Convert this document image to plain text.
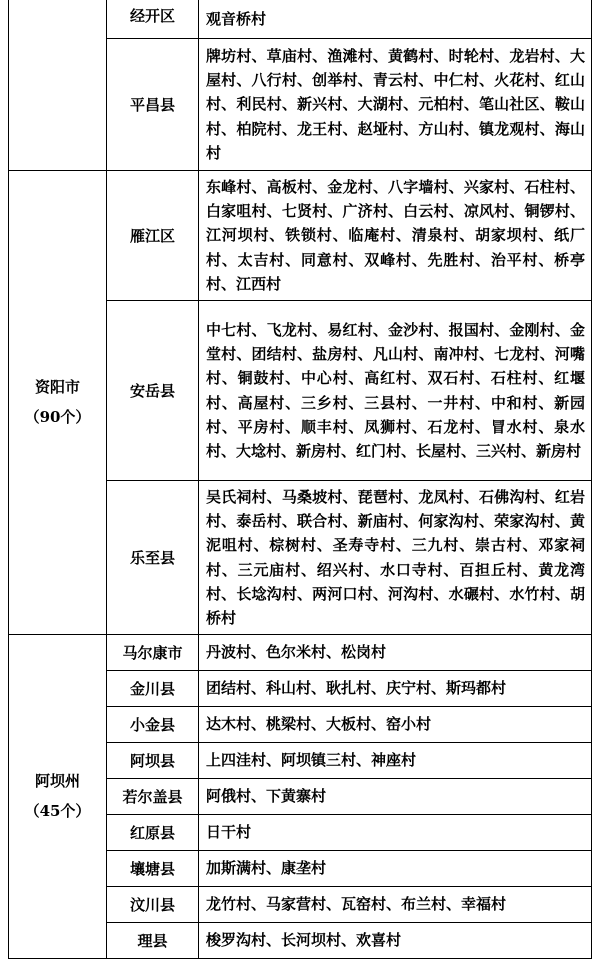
	经开区	观音桥村
	平昌县	牌坊村、草庙村、渔滩村、黄鹤村、时轮村、龙岩村、大屋村、八行村、创举村、青云村、中仁村、火花村、红山村、利民村、新兴村、大湖村、元柏村、笔山社区、鞍山村、柏院村、龙王村、赵垭村、方山村、镇龙观村、海山村
资阳市
（90个）	雁江区	东峰村、高板村、金龙村、八字墙村、兴家村、石柱村、白家咀村、七贤村、广济村、白云村、凉风村、铜锣村、江河坝村、铁锁村、临庵村、清泉村、胡家坝村、纸厂村、太吉村、同意村、双峰村、先胜村、治平村、桥亭村、江西村
	安岳县	中七村、飞龙村、易红村、金沙村、报国村、金刚村、金堂村、团结村、盐房村、凡山村、南冲村、七龙村、河嘴村、铜鼓村、中心村、高红村、双石村、石柱村、红堰村、高屋村、三乡村、三县村、一井村、中和村、新园村、平房村、顺丰村、凤狮村、石龙村、冒水村、泉水村、大埝村、新房村、红门村、长屋村、三兴村、新房村
	乐至县	吴氏祠村、马桑坡村、琵琶村、龙凤村、石佛沟村、红岩村、泰岳村、联合村、新庙村、何家沟村、荣家沟村、黄泥咀村、棕树村、圣寿寺村、三九村、崇古村、邓家祠村、三元庙村、绍兴村、水口寺村、百担丘村、黄龙湾村、长埝沟村、两河口村、河沟村、水碾村、水竹村、胡桥村
阿坝州
（45个）	马尔康市	丹波村、色尔米村、松岗村
	金川县	团结村、科山村、耿扎村、庆宁村、斯玛都村
	小金县	达木村、桃梁村、大板村、窑小村
	阿坝县	上四洼村、阿坝镇三村、神座村
	若尔盖县	阿俄村、下黄寨村
	红原县	日干村
	壤塘县	加斯满村、康垄村
	汶川县	龙竹村、马家营村、瓦窑村、布兰村、幸福村
	理县	梭罗沟村、长河坝村、欢喜村
